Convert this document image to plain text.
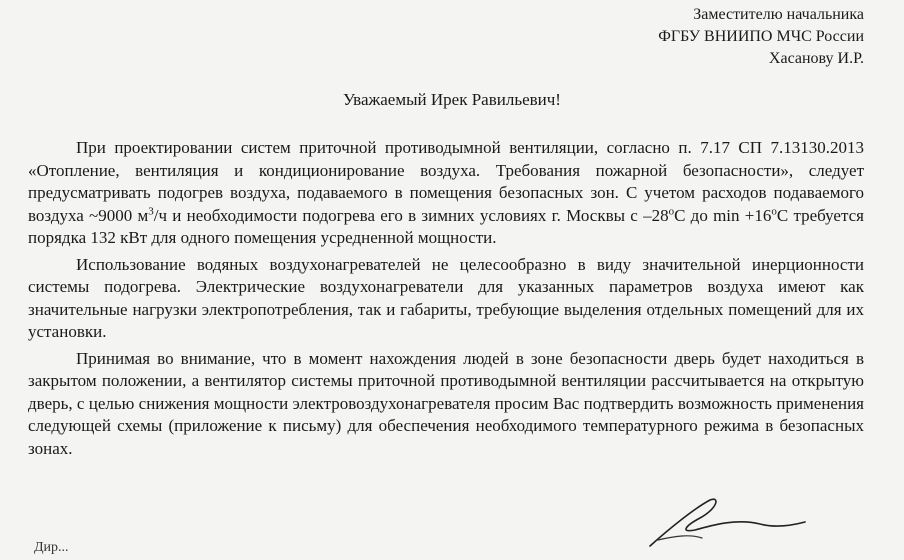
Заместителю начальника
ФГБУ ВНИИПО МЧС России
Хасанову И.Р.
Уважаемый Ирек Равильевич!

При проектировании систем приточной противодымной вентиляции, согласно п. 7.17 СП 7.13130.2013 «Отопление, вентиляция и кондиционирование воздуха. Требования пожарной безопасности», следует предусматривать подогрев воздуха, подаваемого в помещения безопасных зон. С учетом расходов подаваемого воздуха ~9000 $м^3/ч$ и необходимости подогрева его в зимних условиях г. Москвы с –28$^o$С до $\min +16^oС$ требуется порядка 132 кВт для одного помещения усредненной мощности.

Использование водяных воздухонагревателей не целесообразно в виду значительной инерционности системы подогрева. Электрические воздухонагреватели для указанных параметров воздуха имеют как значительные нагрузки электропотребления, так и габариты, требующие выделения отдельных помещений для их установки.

Принимая во внимание, что в момент нахождения людей в зоне безопасности дверь будет находиться в закрытом положении, а вентилятор системы приточной противодымной вентиляции рассчитывается на открытую дверь, с целью снижения мощности электровоздухонагревателя просим Вас подтвердить возможность применения следующей схемы (приложение к письму) для обеспечения необходимого температурного режима в безопасных зонах.

Дир...
